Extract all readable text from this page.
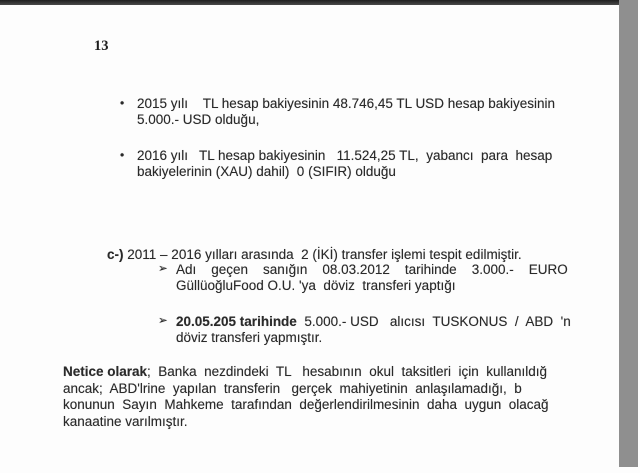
13
• 2015 yılı    TL hesap bakiyesinin 48.746,45 TL USD hesap bakiyesinin
5.000.- USD olduğu,
• 2016 yılı   TL hesap bakiyesinin   11.524,25 TL,  yabancı  para  hesap
bakiyelerinin (XAU) dahil)  0 (SIFIR) olduğu

c-) 2011 – 2016 yılları arasında  2 (İKİ) transfer işlemi tespit edilmiştir.

➢ Adı    geçen    sanığın    08.03.2012    tarihinde    3.000.-    EURO
GüllüoğluFood O.U. 'ya  döviz  transferi yaptığı
➢ 20.05.205 tarihinde  5.000.- USD   alıcısı  TUSKONUS  /  ABD  'n
döviz transferi yapmıştır.
Netice olarak;  Banka  nezdindeki  TL   hesabının  okul  taksitleri  için  kullanıldığ
ancak;  ABD'lrine  yapılan  transferin   gerçek  mahiyetinin  anlaşılamadığı,  b
konunun  Sayın  Mahkeme  tarafından  değerlendirilmesinin  daha  uygun  olacağ
kanaatine varılmıştır.
